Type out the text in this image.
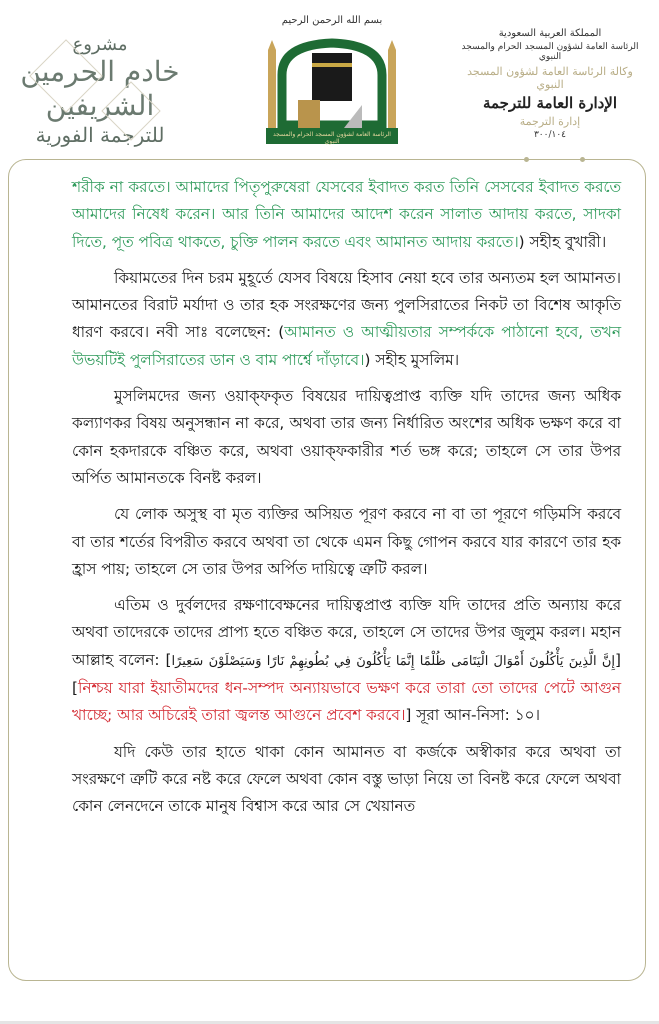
مشروع
خادم الحرمين الشريفين
للترجمة الفورية
بسم الله الرحمن الرحيم
الرئاسة العامة لشؤون المسجد الحرام والمسجد النبوي
المملكة العربية السعودية
الرئاسة العامة لشؤون المسجد الحرام والمسجد النبوي
وكالة الرئاسة العامة لشؤون المسجد النبوي
الإدارة العامة للترجمة
إدارة الترجمة
٣٠٠/١٠٤

শরীক না করতে। আমাদের পিতৃপুরুষেরা যেসবের ইবাদত করত তিনি সেসবের ইবাদত করতে আমাদের নিষেধ করেন। আর তিনি আমাদের আদেশ করেন সালাত আদায় করতে, সাদকা দিতে, পূত পবিত্র থাকতে, চুক্তি পালন করতে এবং আমানত আদায় করতে।) সহীহ বুখারী।

কিয়ামতের দিন চরম মুহূর্তে যেসব বিষয়ে হিসাব নেয়া হবে তার অন্যতম হল আমানত। আমানতের বিরাট মর্যাদা ও তার হক সংরক্ষণের জন্য পুলসিরাতের নিকট তা বিশেষ আকৃতি ধারণ করবে। নবী সাঃ বলেছেন: (আমানত ও আত্মীয়তার সম্পর্ককে পাঠানো হবে, তখন উভয়টিই পুলসিরাতের ডান ও বাম পার্শ্বে দাঁড়াবে।) সহীহ মুসলিম।

মুসলিমদের জন্য ওয়াক্‌ফকৃত বিষয়ের দায়িত্বপ্রাপ্ত ব্যক্তি যদি তাদের জন্য অধিক কল্যাণকর বিষয় অনুসন্ধান না করে, অথবা তার জন্য নির্ধারিত অংশের অধিক ভক্ষণ করে বা কোন হকদারকে বঞ্চিত করে, অথবা ওয়াক্‌ফকারীর শর্ত ভঙ্গ করে; তাহলে সে তার উপর অর্পিত আমানতকে বিনষ্ট করল।

যে লোক অসুস্থ বা মৃত ব্যক্তির অসিয়ত পূরণ করবে না বা তা পূরণে গড়িমসি করবে বা তার শর্তের বিপরীত করবে অথবা তা থেকে এমন কিছু গোপন করবে যার কারণে তার হক হ্রাস পায়; তাহলে সে তার উপর অর্পিত দায়িত্বে ত্রুটি করল।

এতিম ও দুর্বলদের রক্ষণাবেক্ষনের দায়িত্বপ্রাপ্ত ব্যক্তি যদি তাদের প্রতি অন্যায় করে অথবা তাদেরকে তাদের প্রাপ্য হতে বঞ্চিত করে, তাহলে সে তাদের উপর জুলুম করল। মহান আল্লাহ বলেন: [إِنَّ الَّذِينَ يَأْكُلُونَ أَمْوَالَ الْيَتَامَى ظُلْمًا إِنَّمَا يَأْكُلُونَ فِي بُطُونِهِمْ نَارًا وَسَيَصْلَوْنَ سَعِيرًا] [নিশ্চয় যারা ইয়াতীমদের ধন-সম্পদ অন্যায়ভাবে ভক্ষণ করে তারা তো তাদের পেটে আগুন খাচ্ছে; আর অচিরেই তারা জ্বলন্ত আগুনে প্রবেশ করবে।] সূরা আন-নিসা: ১০।

যদি কেউ তার হাতে থাকা কোন আমানত বা কর্জকে অস্বীকার করে অথবা তা সংরক্ষণে ত্রুটি করে নষ্ট করে ফেলে অথবা কোন বস্তু ভাড়া নিয়ে তা বিনষ্ট করে ফেলে অথবা কোন লেনদেনে তাকে মানুষ বিশ্বাস করে আর সে খেয়ানত
